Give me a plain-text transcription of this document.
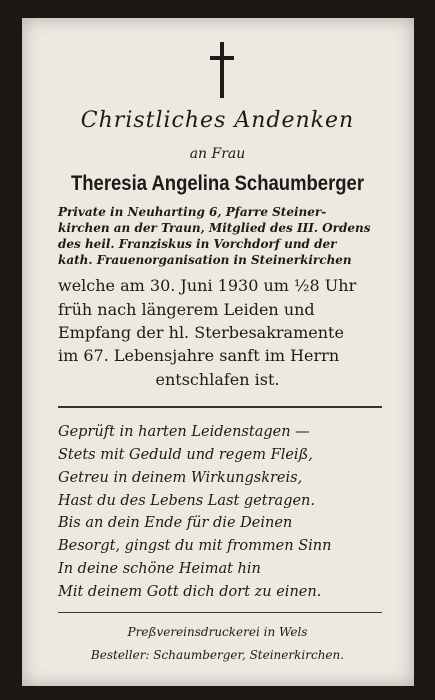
Christliches Andenken
an Frau
Theresia Angelina Schaumberger
Private in Neuharting 6, Pfarre Steiner-
kirchen an der Traun, Mitglied des III. Ordens
des heil. Franziskus in Vorchdorf und der
kath. Frauenorganisation in Steinerkirchen
welche am 30. Juni 1930 um ½8 Uhr
früh nach längerem Leiden und
Empfang der hl. Sterbesakramente
im 67. Lebensjahre sanft im Herrn
entschlafen ist.
Geprüft in harten Leidenstagen —
Stets mit Geduld und regem Fleiß,
Getreu in deinem Wirkungskreis,
Hast du des Lebens Last getragen.
Bis an dein Ende für die Deinen
Besorgt, gingst du mit frommen Sinn
In deine schöne Heimat hin
Mit deinem Gott dich dort zu einen.
Preßvereinsdruckerei in Wels
Besteller: Schaumberger, Steinerkirchen.
